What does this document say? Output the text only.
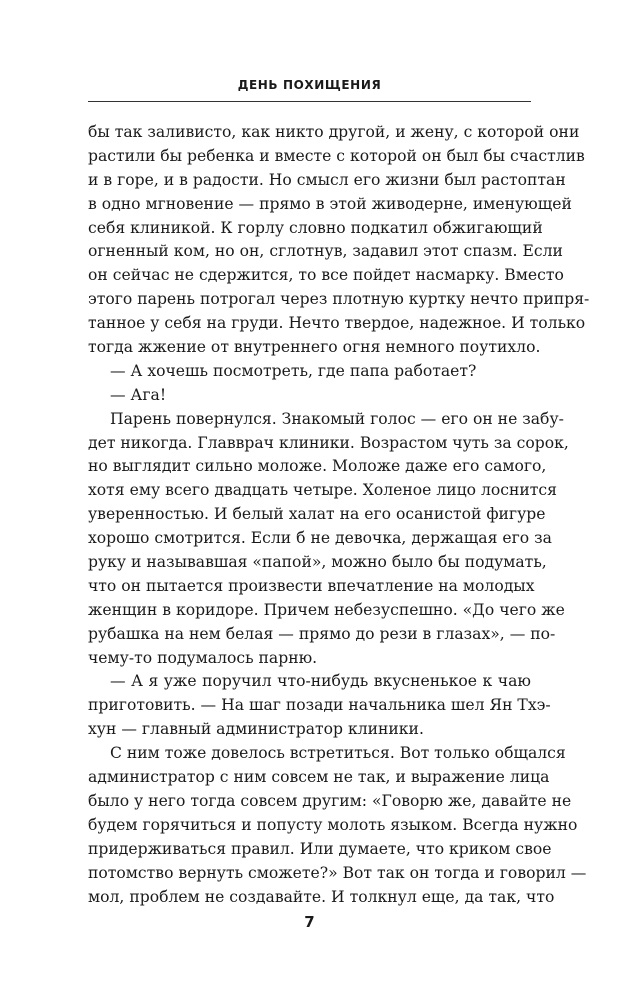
ДЕНЬ ПОХИЩЕНИЯ
бы так заливисто, как никто другой, и жену, с которой они
растили бы ребенка и вместе с которой он был бы счастлив
и в горе, и в радости. Но смысл его жизни был растоптан
в одно мгновение — прямо в этой живодерне, именующей
себя клиникой. К горлу словно подкатил обжигающий
огненный ком, но он, сглотнув, задавил этот спазм. Если
он сейчас не сдержится, то все пойдет насмарку. Вместо
этого парень потрогал через плотную куртку нечто припря-
танное у себя на груди. Нечто твердое, надежное. И только
тогда жжение от внутреннего огня немного поутихло.
— А хочешь посмотреть, где папа работает?
— Ага!
Парень повернулся. Знакомый голос — его он не забу-
дет никогда. Главврач клиники. Возрастом чуть за сорок,
но выглядит сильно моложе. Моложе даже его самого,
хотя ему всего двадцать четыре. Холеное лицо лоснится
уверенностью. И белый халат на его осанистой фигуре
хорошо смотрится. Если б не девочка, держащая его за
руку и называвшая «папой», можно было бы подумать,
что он пытается произвести впечатление на молодых
женщин в коридоре. Причем небезуспешно. «До чего же
рубашка на нем белая — прямо до рези в глазах», — по-
чему-то подумалось парню.
— А я уже поручил что-нибудь вкусненькое к чаю
приготовить. — На шаг позади начальника шел Ян Тхэ-
хун — главный администратор клиники.
С ним тоже довелось встретиться. Вот только общался
администратор с ним совсем не так, и выражение лица
было у него тогда совсем другим: «Говорю же, давайте не
будем горячиться и попусту молоть языком. Всегда нужно
придерживаться правил. Или думаете, что криком свое
потомство вернуть сможете?» Вот так он тогда и говорил —
мол, проблем не создавайте. И толкнул еще, да так, что
7
